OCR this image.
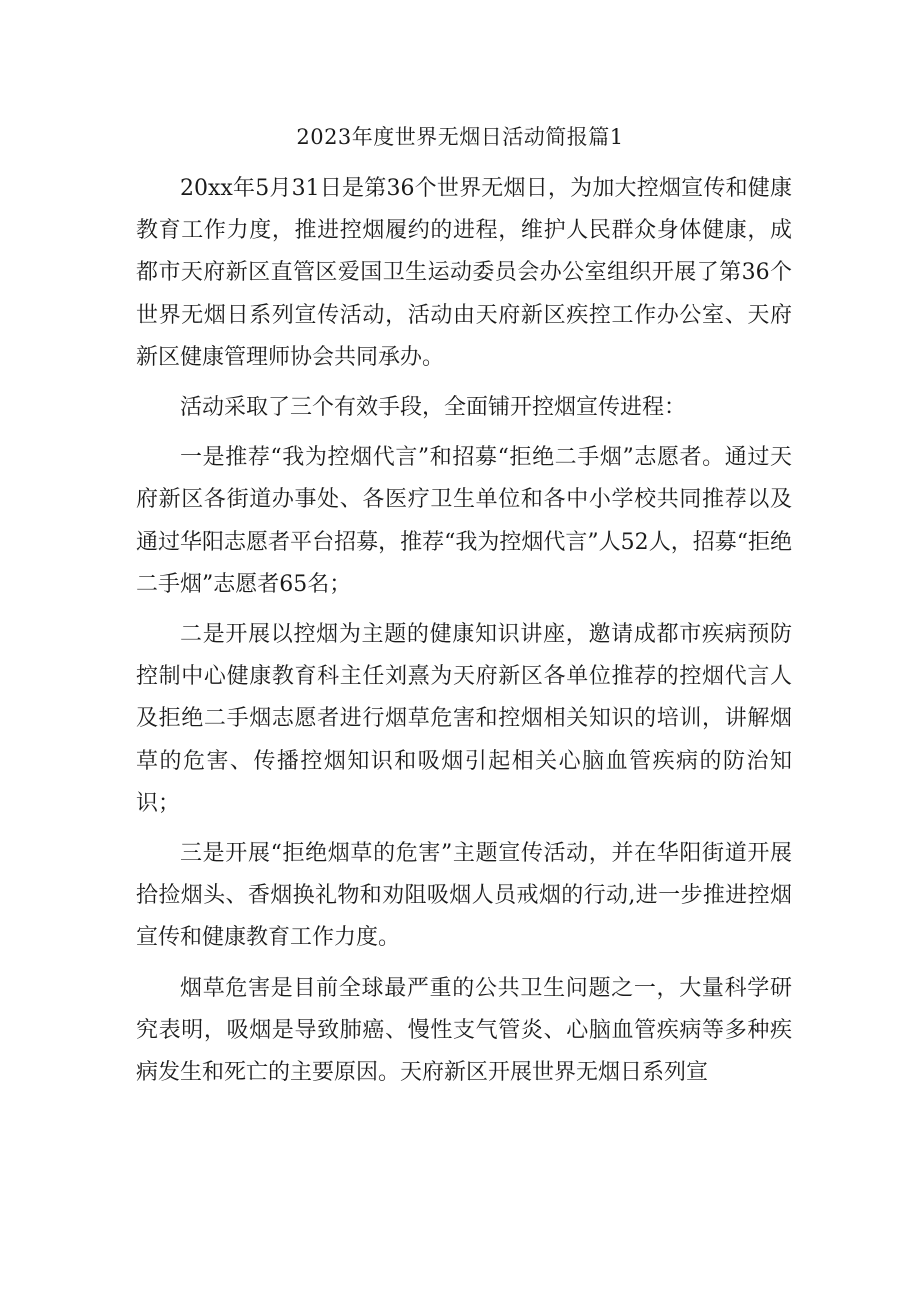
2023年度世界无烟日活动简报篇1

20xx年5月31日是第36个世界无烟日，为加大控烟宣传和健康教育工作力度，推进控烟履约的进程，维护人民群众身体健康，成都市天府新区直管区爱国卫生运动委员会办公室组织开展了第36个世界无烟日系列宣传活动，活动由天府新区疾控工作办公室、天府新区健康管理师协会共同承办。

活动采取了三个有效手段，全面铺开控烟宣传进程：

一是推荐“我为控烟代言”和招募“拒绝二手烟”志愿者。通过天府新区各街道办事处、各医疗卫生单位和各中小学校共同推荐以及通过华阳志愿者平台招募，推荐“我为控烟代言”人52人，招募“拒绝二手烟”志愿者65名；

二是开展以控烟为主题的健康知识讲座，邀请成都市疾病预防控制中心健康教育科主任刘熹为天府新区各单位推荐的控烟代言人及拒绝二手烟志愿者进行烟草危害和控烟相关知识的培训，讲解烟草的危害、传播控烟知识和吸烟引起相关心脑血管疾病的防治知识；

三是开展“拒绝烟草的危害”主题宣传活动，并在华阳街道开展拾捡烟头、香烟换礼物和劝阻吸烟人员戒烟的行动,进一步推进控烟宣传和健康教育工作力度。

烟草危害是目前全球最严重的公共卫生问题之一，大量科学研究表明，吸烟是导致肺癌、慢性支气管炎、心脑血管疾病等多种疾病发生和死亡的主要原因。天府新区开展世界无烟日系列宣
